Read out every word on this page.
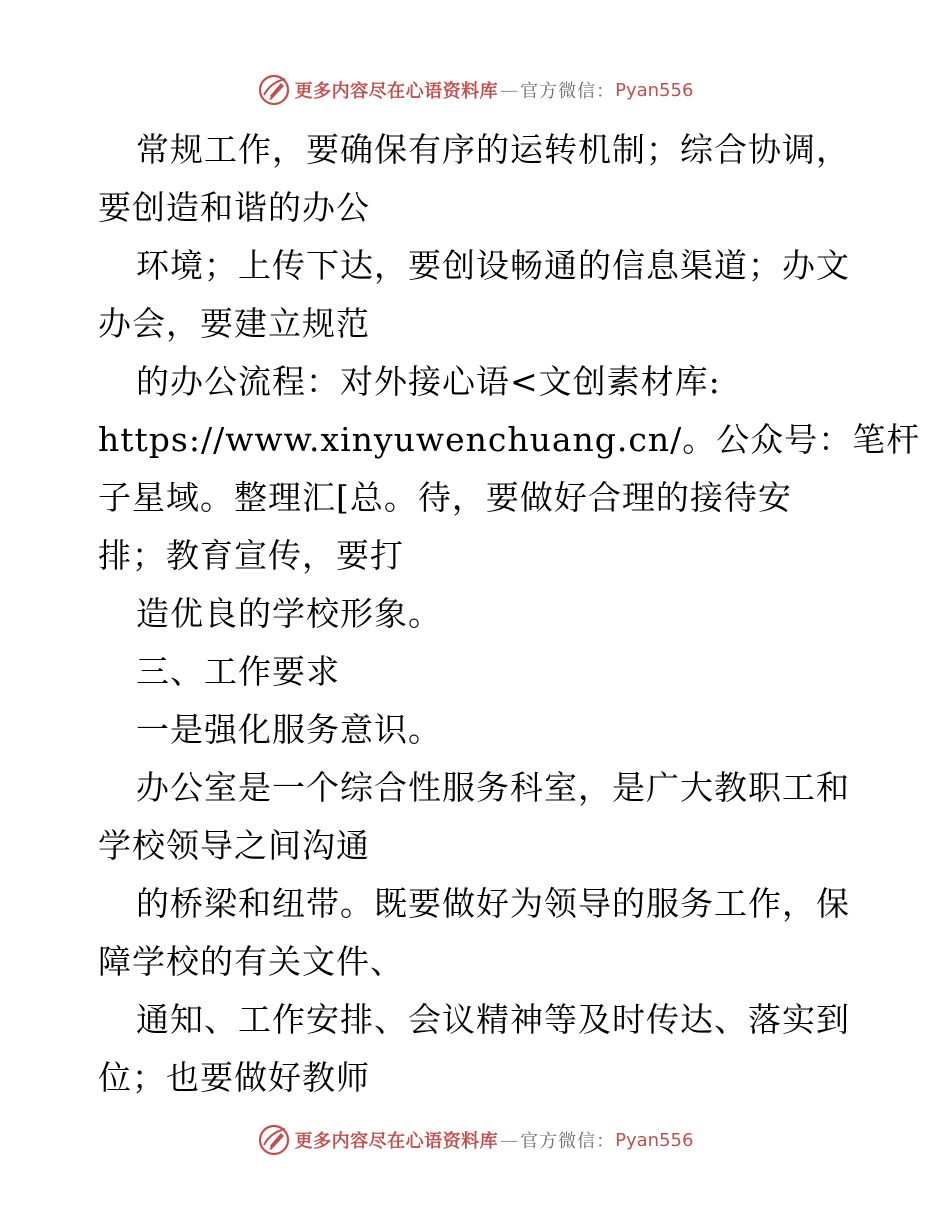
更多内容尽在心语资料库 — 官方微信： Pyan556
常规工作，要确保有序的运转机制；综合协调，
要创造和谐的办公
环境；上传下达，要创设畅通的信息渠道；办文
办会，要建立规范
的办公流程：对外接心语<文创素材库:
https://www.xinyuwenchuang.cn/。公众号：笔杆
子星域。整理汇[总。待，要做好合理的接待安
排；教育宣传，要打
造优良的学校形象。
三、工作要求
一是强化服务意识。
办公室是一个综合性服务科室，是广大教职工和
学校领导之间沟通
的桥梁和纽带。既要做好为领导的服务工作，保
障学校的有关文件、
通知、工作安排、会议精神等及时传达、落实到
位；也要做好教师
更多内容尽在心语资料库 — 官方微信： Pyan556
